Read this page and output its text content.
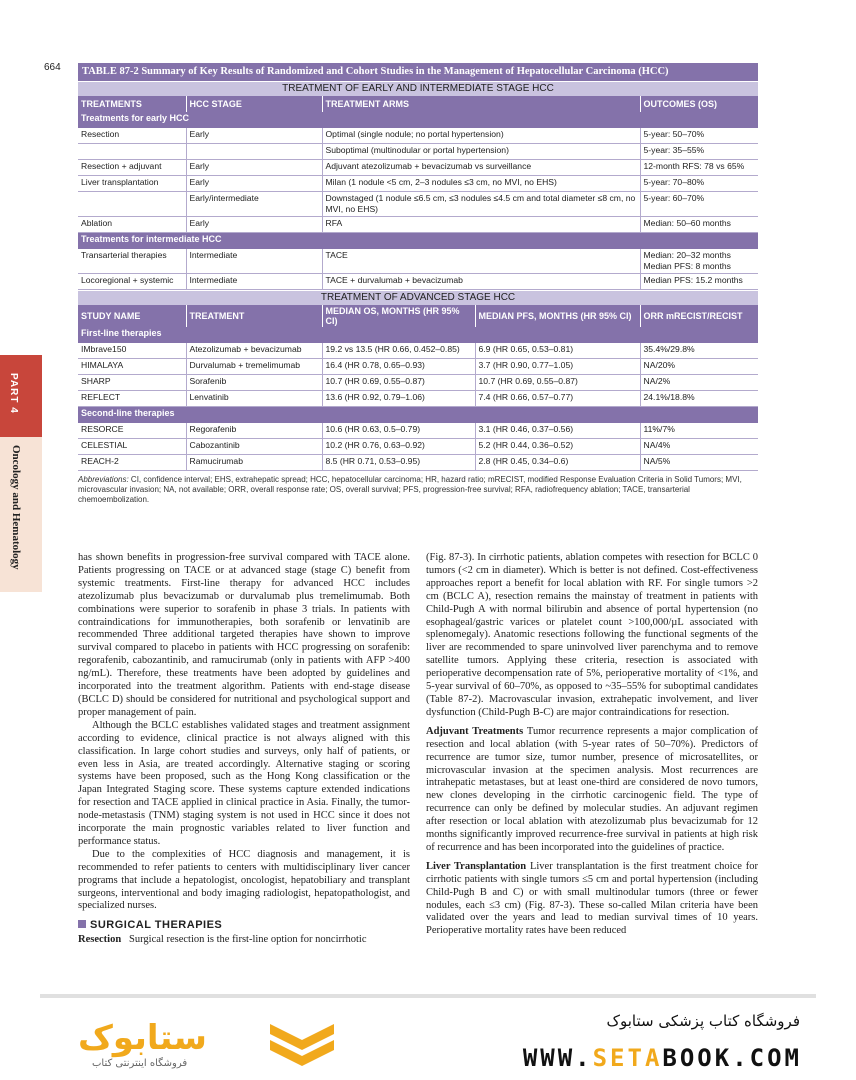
664
PART 4
Oncology and Hematology
TABLE 87-2 Summary of Key Results of Randomized and Cohort Studies in the Management of Hepatocellular Carcinoma (HCC)
TREATMENT OF EARLY AND INTERMEDIATE STAGE HCC
TREATMENTS	HCC STAGE	TREATMENT ARMS	OUTCOMES (OS)
Treatments for early HCC			
Resection	Early	Optimal (single nodule; no portal hypertension)	5-year: 50–70%
		Suboptimal (multinodular or portal hypertension)	5-year: 35–55%
Resection + adjuvant	Early	Adjuvant atezolizumab + bevacizumab vs surveillance	12-month RFS: 78 vs 65%
Liver transplantation	Early	Milan (1 nodule <5 cm, 2–3 nodules ≤3 cm, no MVI, no EHS)	5-year: 70–80%
	Early/intermediate	Downstaged (1 nodule ≤6.5 cm, ≤3 nodules ≤4.5 cm and total diameter ≤8 cm, no MVI, no EHS)	5-year: 60–70%
Ablation	Early	RFA	Median: 50–60 months
Treatments for intermediate HCC			
Transarterial therapies	Intermediate	TACE	Median: 20–32 months
Median PFS: 8 months
Locoregional + systemic	Intermediate	TACE + durvalumab + bevacizumab	Median PFS: 15.2 months
TREATMENT OF ADVANCED STAGE HCC
STUDY NAME	TREATMENT	MEDIAN OS, MONTHS (HR 95% CI)	MEDIAN PFS, MONTHS (HR 95% CI)	ORR mRECIST/RECIST
First-line therapies				
IMbrave150	Atezolizumab + bevacizumab	19.2 vs 13.5 (HR 0.66, 0.452–0.85)	6.9 (HR 0.65, 0.53–0.81)	35.4%/29.8%
HIMALAYA	Durvalumab + tremelimumab	16.4 (HR 0.78, 0.65–0.93)	3.7 (HR 0.90, 0.77–1.05)	NA/20%
SHARP	Sorafenib	10.7 (HR 0.69, 0.55–0.87)	10.7 (HR 0.69, 0.55–0.87)	NA/2%
REFLECT	Lenvatinib	13.6 (HR 0.92, 0.79–1.06)	7.4 (HR 0.66, 0.57–0.77)	24.1%/18.8%
Second-line therapies				
RESORCE	Regorafenib	10.6 (HR 0.63, 0.5–0.79)	3.1 (HR 0.46, 0.37–0.56)	11%/7%
CELESTIAL	Cabozantinib	10.2 (HR 0.76, 0.63–0.92)	5.2 (HR 0.44, 0.36–0.52)	NA/4%
REACH-2	Ramucirumab	8.5 (HR 0.71, 0.53–0.95)	2.8 (HR 0.45, 0.34–0.6)	NA/5%
Abbreviations: CI, confidence interval; EHS, extrahepatic spread; HCC, hepatocellular carcinoma; HR, hazard ratio; mRECIST, modified Response Evaluation Criteria in Solid Tumors; MVI, microvascular invasion; NA, not available; ORR, overall response rate; OS, overall survival; PFS, progression-free survival; RFA, radiofrequency ablation; TACE, transarterial chemoembolization.

has shown benefits in progression-free survival compared with TACE alone. Patients progressing on TACE or at advanced stage (stage C) benefit from systemic treatments. First-line therapy for advanced HCC includes atezolizumab plus bevacizumab or durvalumab plus tremelimumab. Both combinations were superior to sorafenib in phase 3 trials. In patients with contraindications for immunotherapies, both sorafenib or lenvatinib are recommended Three additional targeted therapies have shown to improve survival compared to placebo in patients with HCC progressing on sorafenib: regorafenib, cabozantinib, and ramucirumab (only in patients with AFP >400 ng/mL). Therefore, these treatments have been adopted by guidelines and incorporated into the treatment algorithm. Patients with end-stage disease (BCLC D) should be considered for nutritional and psychological support and proper management of pain.

Although the BCLC establishes validated stages and treatment assignment according to evidence, clinical practice is not always aligned with this classification. In large cohort studies and surveys, only half of patients, or even less in Asia, are treated accordingly. Alternative staging or scoring systems have been proposed, such as the Hong Kong classification or the Japan Integrated Staging score. These systems capture extended indications for resection and TACE applied in clinical practice in Asia. Finally, the tumor-node-metastasis (TNM) staging system is not used in HCC since it does not incorporate the main prognostic variables related to liver function and performance status.

Due to the complexities of HCC diagnosis and management, it is recommended to refer patients to centers with multidisciplinary liver cancer programs that include a hepatologist, oncologist, hepatobiliary and transplant surgeons, interventional and body imaging radiologist, hepatopathologist, and specialized nurses.

SURGICAL THERAPIES

Resection Surgical resection is the first-line option for noncirrhotic

(Fig. 87-3). In cirrhotic patients, ablation competes with resection for BCLC 0 tumors (<2 cm in diameter). Which is better is not defined. Cost-effectiveness approaches report a benefit for local ablation with RF. For single tumors >2 cm (BCLC A), resection remains the mainstay of treatment in patients with Child-Pugh A with normal bilirubin and absence of portal hypertension (no esophageal/gastric varices or platelet count >100,000/µL associated with splenomegaly). Anatomic resections following the functional segments of the liver are recommended to spare uninvolved liver parenchyma and to remove satellite tumors. Applying these criteria, resection is associated with perioperative decompensation rate of 5%, perioperative mortality of <1%, and 5-year survival of 60–70%, as opposed to ~35–55% for suboptimal candidates (Table 87-2). Macrovascular invasion, extrahepatic involvement, and liver dysfunction (Child-Pugh B-C) are major contraindications for resection.

Adjuvant Treatments Tumor recurrence represents a major complication of resection and local ablation (with 5-year rates of 50–70%). Predictors of recurrence are tumor size, tumor number, presence of microsatellites, or microvascular invasion at the specimen analysis. Most recurrences are intrahepatic metastases, but at least one-third are considered de novo tumors, new clones developing in the cirrhotic carcinogenic field. The type of recurrence can only be defined by molecular studies. An adjuvant regimen after resection or local ablation with atezolizumab plus bevacizumab for 12 months significantly improved recurrence-free survival in patients at high risk of recurrence and has been incorporated into the guidelines of practice.

Liver Transplantation Liver transplantation is the first treatment choice for cirrhotic patients with single tumors ≤5 cm and portal hypertension (including Child-Pugh B and C) or with small multinodular tumors (three or fewer nodules, each ≤3 cm) (Fig. 87-3). These so-called Milan criteria have been validated over the years and lead to median survival times of 10 years. Perioperative mortality rates have been reduced

ستابوک
فروشگاه اینترنتی کتاب
فروشگاه کتاب پزشکی ستابوک
WWW.SETABOOK.COM
